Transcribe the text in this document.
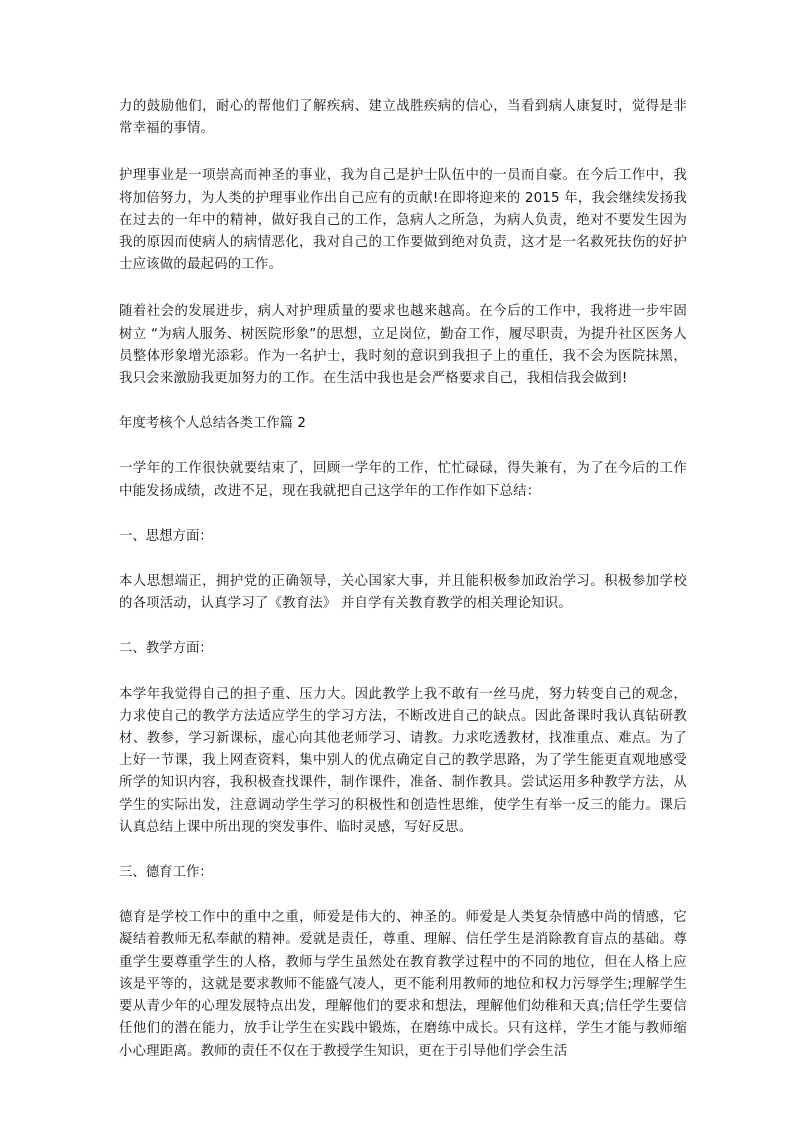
力的鼓励他们，耐心的帮他们了解疾病、建立战胜疾病的信心，当看到病人康复时，觉得是非常幸福的事情。

护理事业是一项崇高而神圣的事业，我为自己是护士队伍中的一员而自豪。在今后工作中，我将加倍努力，为人类的护理事业作出自己应有的贡献!在即将迎来的 2015 年，我会继续发扬我在过去的一年中的精神，做好我自己的工作，急病人之所急，为病人负责，绝对不要发生因为我的原因而使病人的病情恶化，我对自己的工作要做到绝对负责，这才是一名救死扶伤的好护士应该做的最起码的工作。

随着社会的发展进步，病人对护理质量的要求也越来越高。在今后的工作中，我将进一步牢固树立 “为病人服务、树医院形象”的思想，立足岗位，勤奋工作，履尽职责，为提升社区医务人员整体形象增光添彩。作为一名护士，我时刻的意识到我担子上的重任，我不会为医院抹黑，我只会来激励我更加努力的工作。在生活中我也是会严格要求自己，我相信我会做到!

年度考核个人总结各类工作篇 2

一学年的工作很快就要结束了，回顾一学年的工作，忙忙碌碌，得失兼有，为了在今后的工作中能发扬成绩，改进不足，现在我就把自己这学年的工作作如下总结：

一、思想方面：

本人思想端正，拥护党的正确领导，关心国家大事，并且能积极参加政治学习。积极参加学校的各项活动，认真学习了《教育法》 并自学有关教育教学的相关理论知识。

二、教学方面：

本学年我觉得自己的担子重、压力大。因此教学上我不敢有一丝马虎，努力转变自己的观念，力求使自己的教学方法适应学生的学习方法，不断改进自己的缺点。因此备课时我认真钻研教材、教参，学习新课标，虚心向其他老师学习、请教。力求吃透教材，找准重点、难点。为了上好一节课，我上网查资料，集中别人的优点确定自己的教学思路，为了学生能更直观地感受所学的知识内容，我积极查找课件，制作课件，准备、制作教具。尝试运用多种教学方法，从学生的实际出发，注意调动学生学习的积极性和创造性思维，使学生有举一反三的能力。课后认真总结上课中所出现的突发事件、临时灵感，写好反思。

三、德育工作：

德育是学校工作中的重中之重，师爱是伟大的、神圣的。师爱是人类复杂情感中尚的情感，它凝结着教师无私奉献的精神。爱就是责任，尊重、理解、信任学生是消除教育盲点的基础。尊重学生要尊重学生的人格，教师与学生虽然处在教育教学过程中的不同的地位，但在人格上应该是平等的，这就是要求教师不能盛气凌人，更不能利用教师的地位和权力污辱学生;理解学生要从青少年的心理发展特点出发，理解他们的要求和想法，理解他们幼稚和天真;信任学生要信任他们的潜在能力，放手让学生在实践中锻炼，在磨练中成长。只有这样，学生才能与教师缩小心理距离。教师的责任不仅在于教授学生知识，更在于引导他们学会生活
